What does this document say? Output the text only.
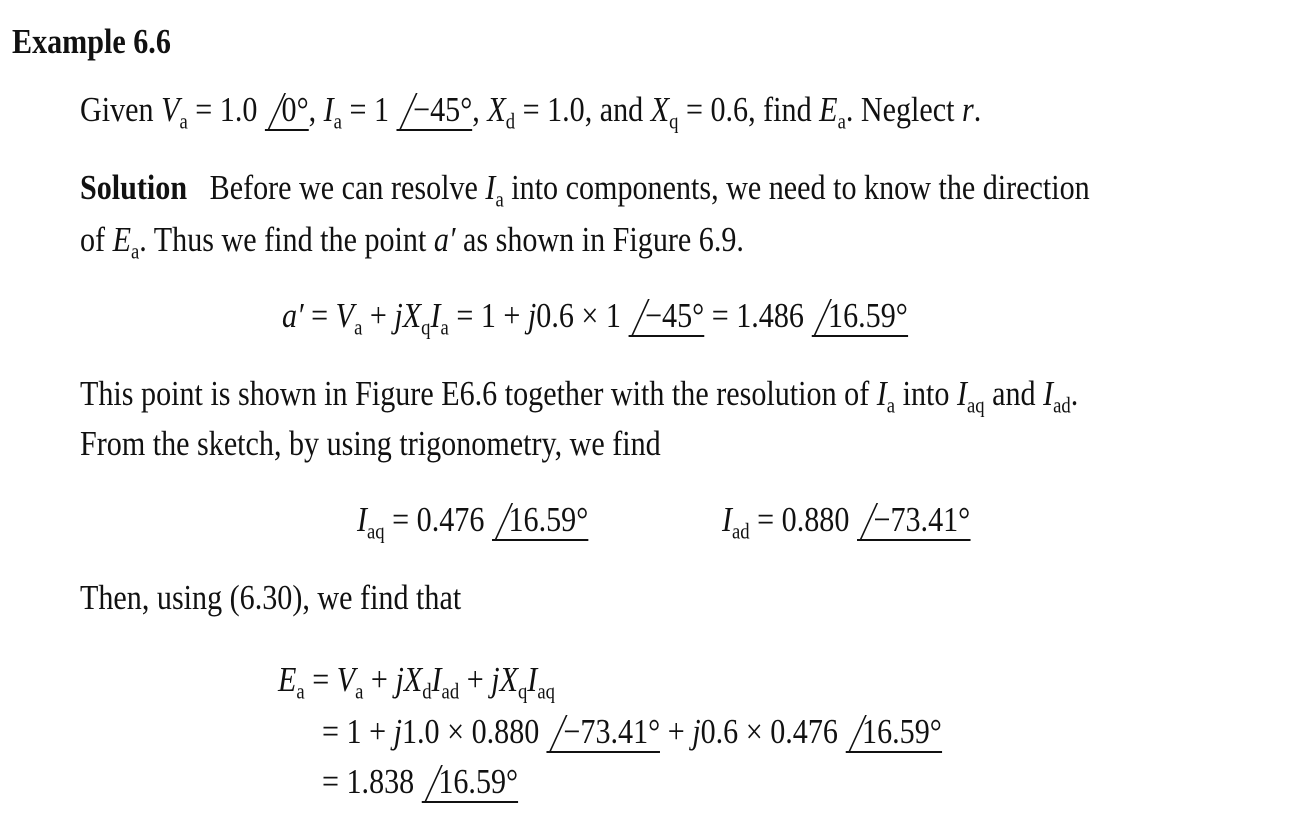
Example 6.6
Given $V_a = 1.0$ 0°, $I_a = 1 -45^\circ$, $X_d = 1.0$, and $X_q = 0.6$, find $E_a$. Neglect r.
Solution   Before we can resolve $I_a$ into components, we need to know the direction
of $E_a$. Thus we find the point a′ as shown in Figure 6.9.
$a' = V_a + jX_qI_a = 1 + j0.6 \times 1 -45^\circ = 1.486$ 16.59°
This point is shown in Figure E6.6 together with the resolution of $I_a$ into $I_{aq}$ and $I_{ad}$.
From the sketch, by using trigonometry, we find
$I_{aq} = 0.476$ 16.59°	$I_{ad} = 0.880 -73.41^\circ$
Then, using (6.30), we find that
$E_a = V_a + jX_dI_{ad} + jX_qI_{aq}$
= 1 + j1.0 × 0.880 −73.41° + j0.6 × 0.476 16.59°
= 1.838 16.59°
